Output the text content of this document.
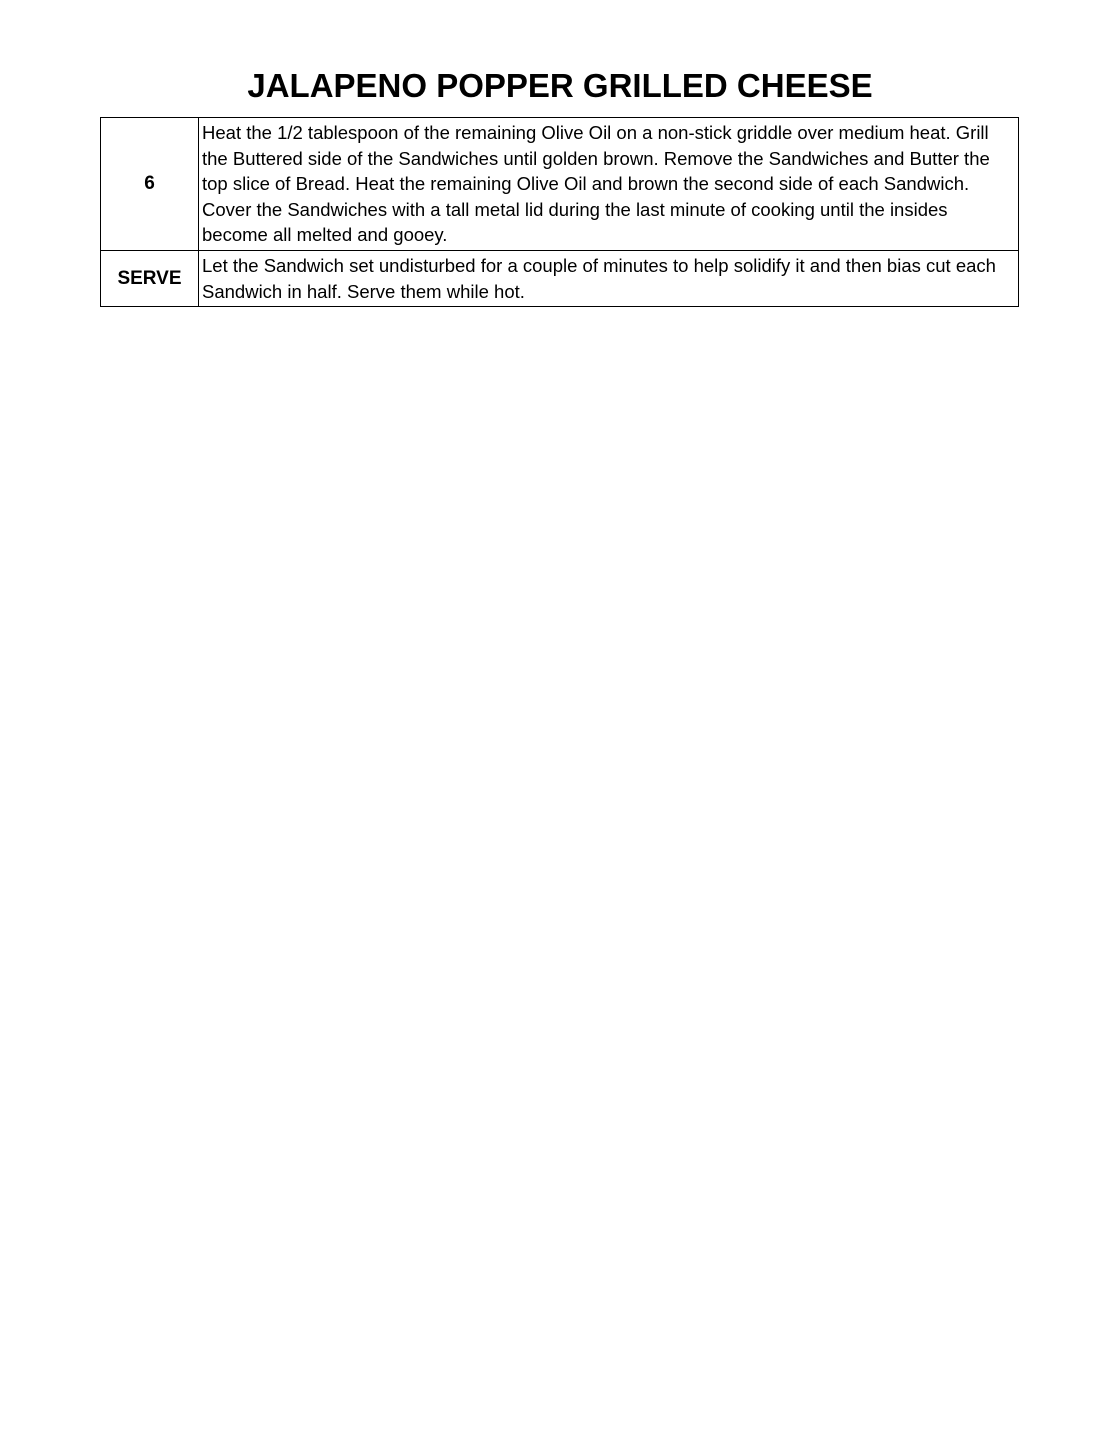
JALAPENO POPPER GRILLED CHEESE
6	Heat the 1/2 tablespoon of the remaining Olive Oil on a non-stick griddle over medium heat. Grill the Buttered side of the Sandwiches until golden brown. Remove the Sandwiches and Butter the top slice of Bread. Heat the remaining Olive Oil and brown the second side of each Sandwich. Cover the Sandwiches with a tall metal lid during the last minute of cooking until the insides become all melted and gooey.
SERVE	Let the Sandwich set undisturbed for a couple of minutes to help solidify it and then bias cut each Sandwich in half. Serve them while hot.
